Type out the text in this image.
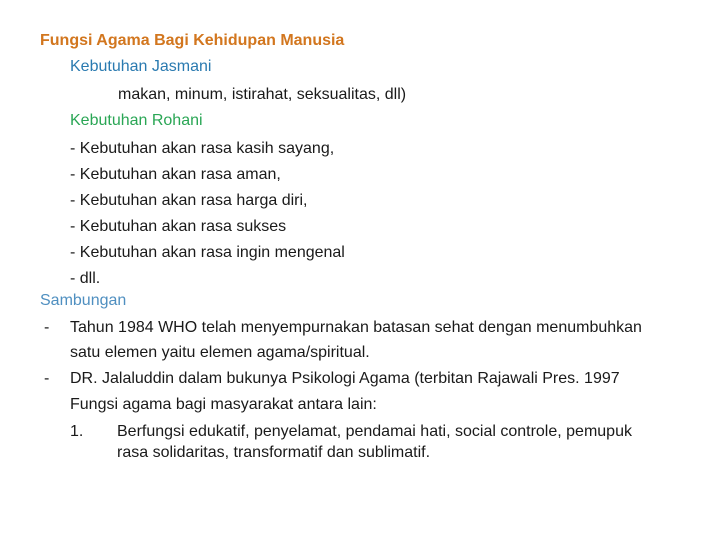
Fungsi Agama Bagi Kehidupan Manusia
Kebutuhan Jasmani
makan, minum, istirahat, seksualitas, dll)
Kebutuhan Rohani
- Kebutuhan akan rasa kasih sayang,
- Kebutuhan akan rasa aman,
- Kebutuhan akan rasa harga diri,
- Kebutuhan akan rasa sukses
- Kebutuhan akan rasa ingin mengenal
- dll.
Sambungan
- Tahun 1984 WHO telah menyempurnakan batasan sehat dengan menumbuhkan
satu elemen yaitu elemen agama/spiritual.
- DR. Jalaluddin dalam bukunya Psikologi Agama (terbitan Rajawali Pres. 1997
Fungsi agama bagi masyarakat antara lain:
1. Berfungsi edukatif, penyelamat, pendamai hati, social controle, pemupuk
rasa solidaritas, transformatif dan sublimatif.
